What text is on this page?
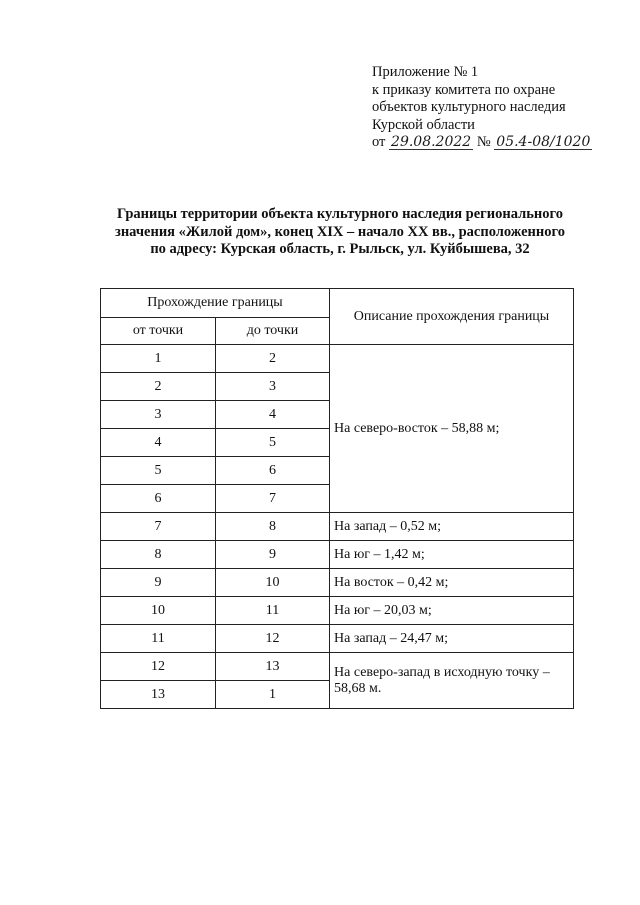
Приложение № 1
к приказу комитета по охране
объектов культурного наследия
Курской области
от 29.08.2022 № 05.4-08/1020
Границы территории объекта культурного наследия регионального
значения «Жилой дом», конец XIX – начало XX вв., расположенного
по адресу: Курская область, г. Рыльск, ул. Куйбышева, 32
Прохождение границы		Описание прохождения границы
от точки	до точки	
1	2	На северо-восток – 58,88 м;
2	3	
3	4	
4	5	
5	6	
6	7	
7	8	На запад – 0,52 м;
8	9	На юг – 1,42 м;
9	10	На восток – 0,42 м;
10	11	На юг – 20,03 м;
11	12	На запад – 24,47 м;
12	13	На северо-запад в исходную точку – 58,68 м.
13	1	
